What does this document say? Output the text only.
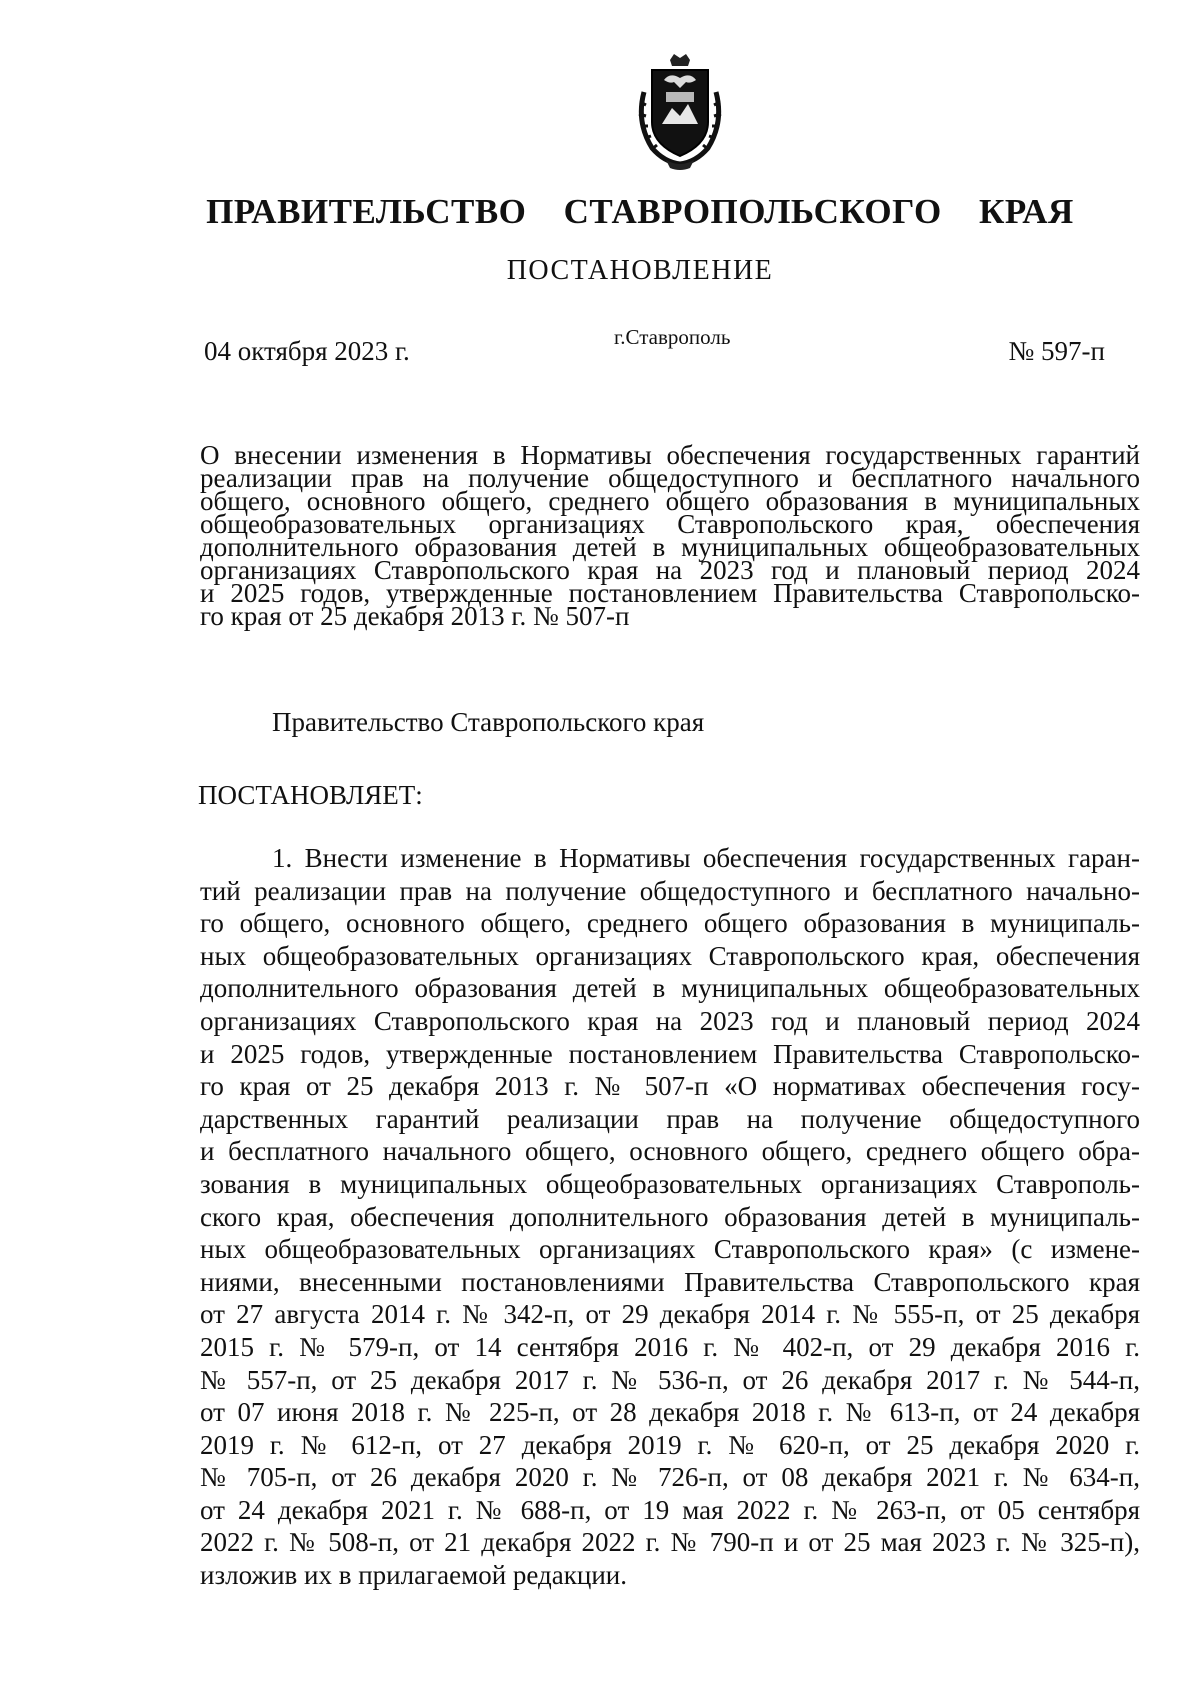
ПРАВИТЕЛЬСТВО СТАВРОПОЛЬСКОГО КРАЯ
ПОСТАНОВЛЕНИЕ
04 октября 2023 г.	г.Ставрополь	№ 597-п
О внесении изменения в Нормативы обеспечения государственных гарантий
реализации прав на получение общедоступного и бесплатного начального
общего, основного общего, среднего общего образования в муниципальных
общеобразовательных организациях Ставропольского края, обеспечения
дополнительного образования детей в муниципальных общеобразовательных
организациях Ставропольского края на 2023 год и плановый период 2024
и 2025 годов, утвержденные постановлением Правительства Ставропольско-
го края от 25 декабря 2013 г. № 507-п
Правительство Ставропольского края
ПОСТАНОВЛЯЕТ:
1. Внести изменение в Нормативы обеспечения государственных гаран-
тий реализации прав на получение общедоступного и бесплатного начально-
го общего, основного общего, среднего общего образования в муниципаль-
ных общеобразовательных организациях Ставропольского края, обеспечения
дополнительного образования детей в муниципальных общеобразовательных
организациях Ставропольского края на 2023 год и плановый период 2024
и 2025 годов, утвержденные постановлением Правительства Ставропольско-
го края от 25 декабря 2013 г. № 507-п «О нормативах обеспечения госу-
дарственных гарантий реализации прав на получение общедоступного
и бесплатного начального общего, основного общего, среднего общего обра-
зования в муниципальных общеобразовательных организациях Ставрополь-
ского края, обеспечения дополнительного образования детей в муниципаль-
ных общеобразовательных организациях Ставропольского края» (с измене-
ниями, внесенными постановлениями Правительства Ставропольского края
от 27 августа 2014 г. № 342-п, от 29 декабря 2014 г. № 555-п, от 25 декабря
2015 г. № 579-п, от 14 сентября 2016 г. № 402-п, от 29 декабря 2016 г.
№ 557-п, от 25 декабря 2017 г. № 536-п, от 26 декабря 2017 г. № 544-п,
от 07 июня 2018 г. № 225-п, от 28 декабря 2018 г. № 613-п, от 24 декабря
2019 г. № 612-п, от 27 декабря 2019 г. № 620-п, от 25 декабря 2020 г.
№ 705-п, от 26 декабря 2020 г. № 726-п, от 08 декабря 2021 г. № 634-п,
от 24 декабря 2021 г. № 688-п, от 19 мая 2022 г. № 263-п, от 05 сентября
2022 г. № 508-п, от 21 декабря 2022 г. № 790-п и от 25 мая 2023 г. № 325-п),
изложив их в прилагаемой редакции.
